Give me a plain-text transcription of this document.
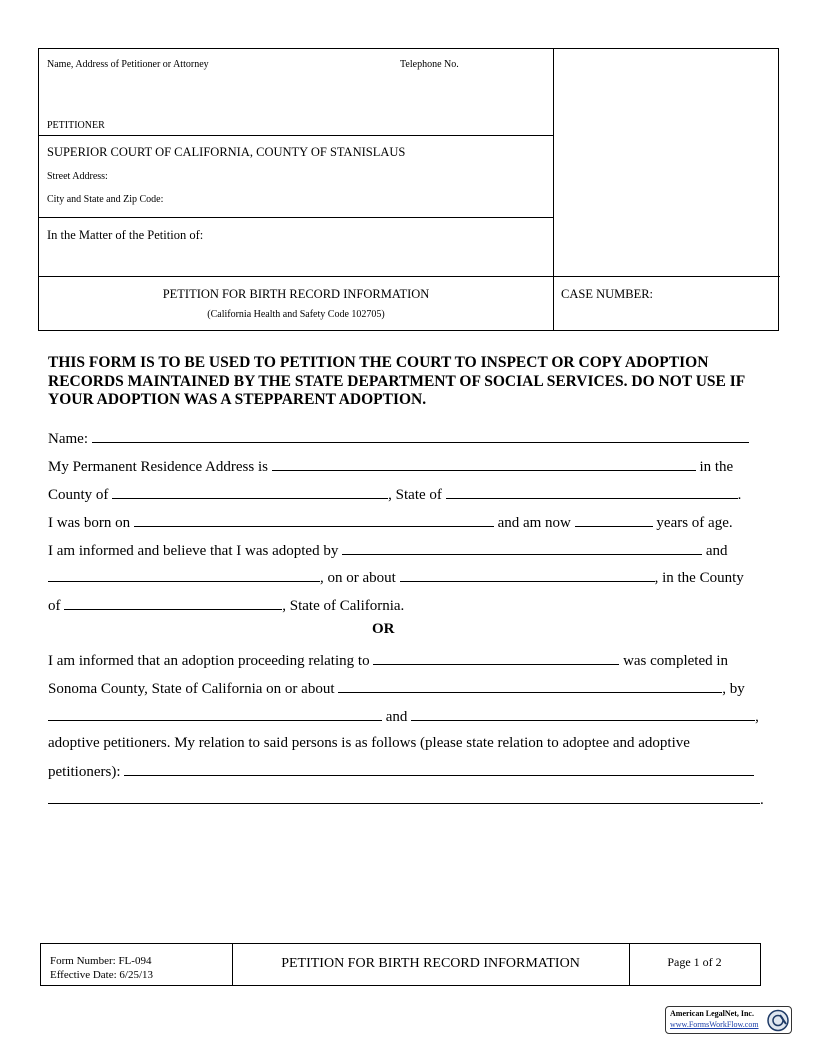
Name, Address of Petitioner or Attorney	Telephone No.
PETITIONER
SUPERIOR COURT OF CALIFORNIA, COUNTY OF STANISLAUS
Street Address:
City and State and Zip Code:
In the Matter of the Petition of:
PETITION FOR BIRTH RECORD INFORMATION
(California Health and Safety Code 102705)
CASE NUMBER:
THIS FORM IS TO BE USED TO PETITION THE COURT TO INSPECT OR COPY ADOPTION RECORDS MAINTAINED BY THE STATE DEPARTMENT OF SOCIAL SERVICES. DO NOT USE IF YOUR ADOPTION WAS A STEPPARENT ADOPTION.
Name:
My Permanent Residence Address is	in the
County of	, State of	.
I was born on	and am now	years of age.
I am informed and believe that I was adopted by	and
, on or about	, in the County
of	, State of California.
OR
I am informed that an adoption proceeding relating to	was completed in
Sonoma County, State of California on or about	, by
and	,
adoptive petitioners. My relation to said persons is as follows (please state relation to adoptee and adoptive
petitioners):
.
Form Number: FL-094
Effective Date: 6/25/13
PETITION FOR BIRTH RECORD INFORMATION	Page 1 of 2
American LegalNet, Inc.
www.FormsWorkFlow.com
